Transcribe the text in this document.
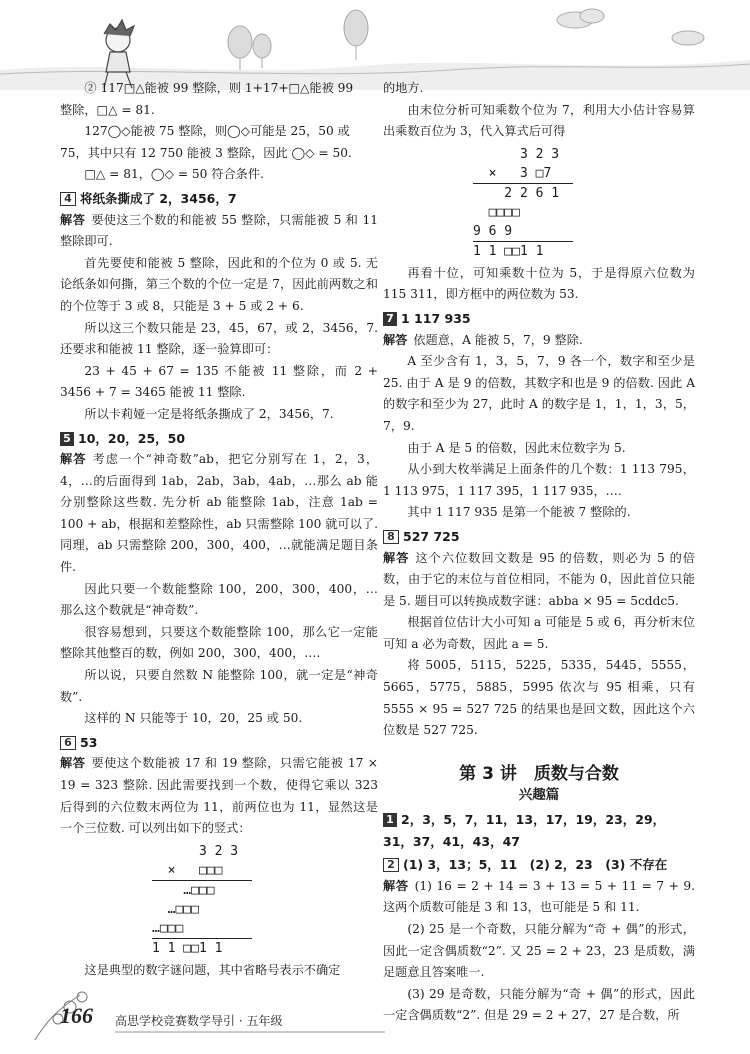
② 117□△能被 99 整除，则 1+17+□△能被 99

整除，□△ = 81.

127◯◇能被 75 整除，则◯◇可能是 25，50 或

75，其中只有 12 750 能被 3 整除，因此 ◯◇ = 50.

□△ = 81，◯◇ = 50 符合条件.

4 将纸条撕成了 2，3456，7

解答 要使这三个数的和能被 55 整除，只需能被 5 和 11 整除即可.

首先要使和能被 5 整除，因此和的个位为 0 或 5. 无论纸条如何撕，第三个数的个位一定是 7，因此前两数之和的个位等于 3 或 8，只能是 3 + 5 或 2 + 6.

所以这三个数只能是 23，45，67，或 2，3456，7. 还要求和能被 11 整除，逐一验算即可：

23 + 45 + 67 = 135 不能被 11 整除，而 2 + 3456 + 7 = 3465 能被 11 整除.

所以卡莉娅一定是将纸条撕成了 2，3456，7.

5 10，20，25，50

解答 考虑一个“神奇数”ab，把它分别写在 1，2，3，4，…的后面得到 1ab，2ab，3ab，4ab，…那么 ab 能分别整除这些数. 先分析 ab 能整除 1ab，注意 1ab = 100 + ab，根据和差整除性，ab 只需整除 100 就可以了. 同理，ab 只需整除 200，300，400，…就能满足题目条件.

因此只要一个数能整除 100，200，300，400，… 那么这个数就是“神奇数”.

很容易想到，只要这个数能整除 100，那么它一定能整除其他整百的数，例如 200，300，400，….

所以说，只要自然数 N 能整除 100，就一定是“神奇数”.

这样的 N 只能等于 10，20，25 或 50.

6 53

解答 要使这个数能被 17 和 19 整除，只需它能被 17 × 19 = 323 整除. 因此需要找到一个数，使得它乘以 323 后得到的六位数末两位为 11，前两位也为 11，显然这是一个三位数. 可以列出如下的竖式：

3 2 3
×   □□□
…□□□
…□□□
…□□□
1 1 □□1 1

这是典型的数字谜问题，其中省略号表示不确定

的地方.

由末位分析可知乘数个位为 7，利用大小估计容易算出乘数百位为 3，代入算式后可得

3 2 3
×   3 □7
2 2 6 1
□□□□
9 6 9
1 1 □□1 1

再看十位，可知乘数十位为 5，于是得原六位数为 115 311，即方框中的两位数为 53.

7 1 117 935

解答 依题意，A 能被 5，7，9 整除.

A 至少含有 1，3，5，7，9 各一个，数字和至少是 25. 由于 A 是 9 的倍数，其数字和也是 9 的倍数. 因此 A 的数字和至少为 27，此时 A 的数字是 1，1，1，3，5，7，9.

由于 A 是 5 的倍数，因此末位数字为 5.

从小到大枚举满足上面条件的几个数：1 113 795，1 113 975，1 117 395，1 117 935，….

其中 1 117 935 是第一个能被 7 整除的.

8 527 725

解答 这个六位数回文数是 95 的倍数，则必为 5 的倍数，由于它的末位与首位相同，不能为 0，因此首位只能是 5. 题目可以转换成数字谜：abba × 95 = 5cddc5.

根据首位估计大小可知 a 可能是 5 或 6，再分析末位可知 a 必为奇数，因此 a = 5.

将 5005，5115，5225，5335，5445，5555，5665，5775，5885，5995 依次与 95 相乘，只有 5555 × 95 = 527 725 的结果也是回文数，因此这个六位数是 527 725.

第 3 讲　质数与合数
兴趣篇
1 2，3，5，7，11，13，17，19，23，29，31，37，41，43，47
2 (1) 3，13；5，11　(2) 2，23　(3) 不存在

解答 (1) 16 = 2 + 14 = 3 + 13 = 5 + 11 = 7 + 9. 这两个质数可能是 3 和 13，也可能是 5 和 11.

(2) 25 是一个奇数，只能分解为“奇 + 偶”的形式，因此一定含偶质数“2”. 又 25 = 2 + 23，23 是质数，满足题意且答案唯一.

(3) 29 是奇数，只能分解为“奇 + 偶”的形式，因此一定含偶质数“2”. 但是 29 = 2 + 27，27 是合数，所

166 高思学校竞赛数学导引 · 五年级
